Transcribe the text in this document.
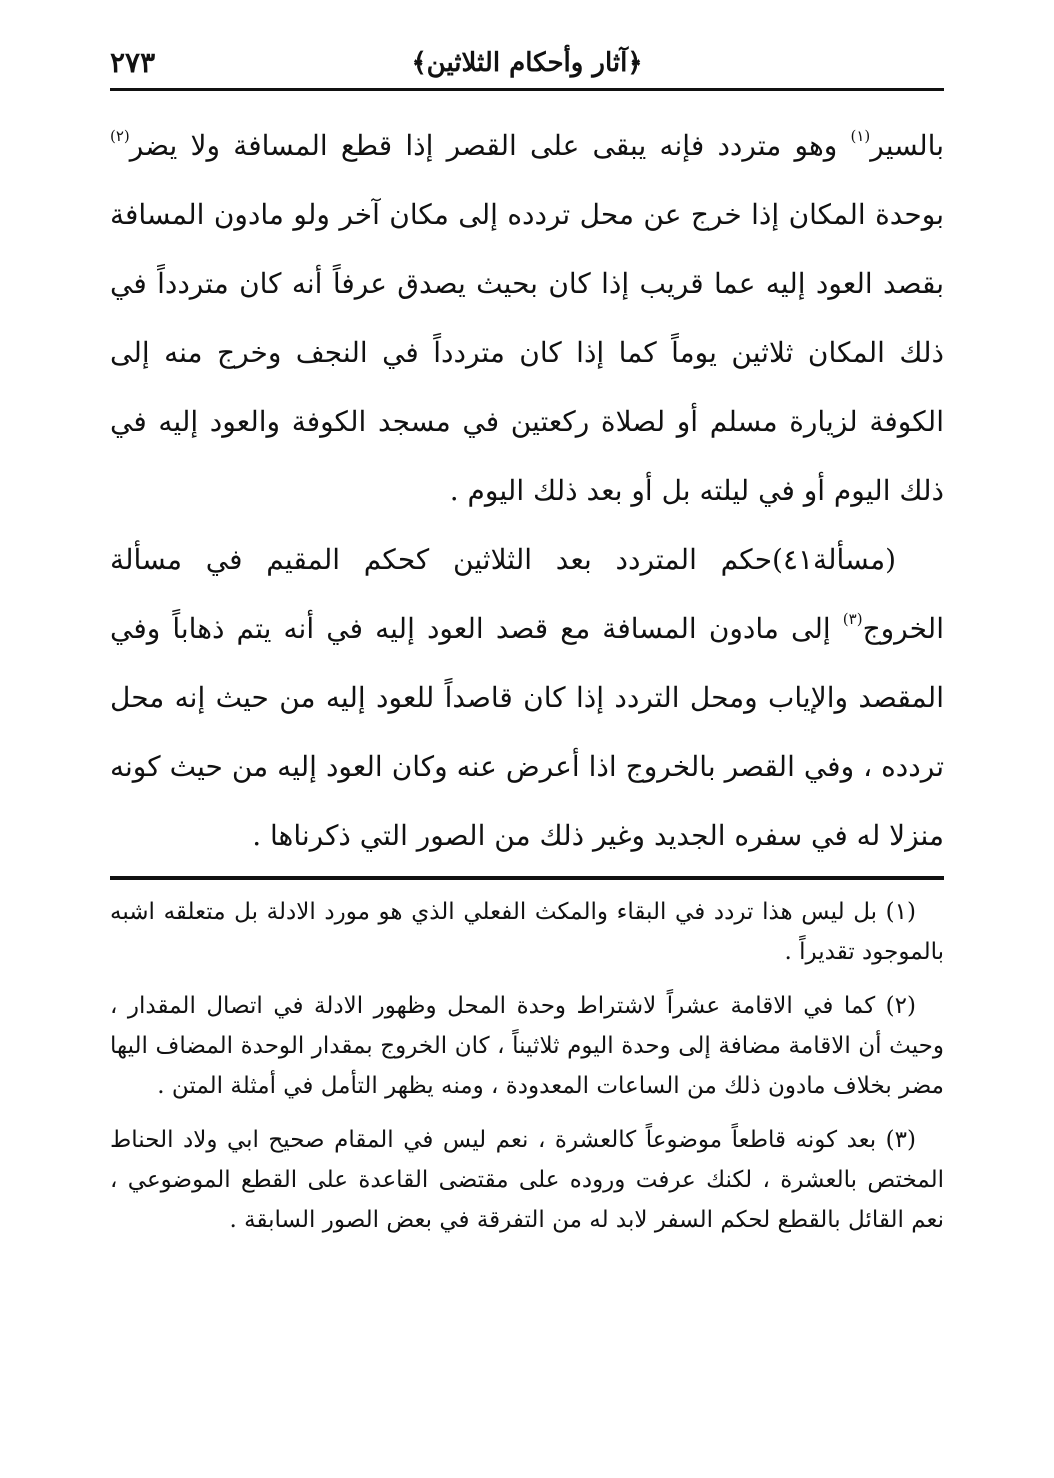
﴿آثار وأحكام الثلاثين﴾
٢٧٣

بالسير$^{(١)}$ وهو متردد فإنه يبقى على القصر إذا قطع المسافة ولا يضر$^{(٢)}$ بوحدة المكان إذا خرج عن محل تردده إلى مكان آخر ولو مادون المسافة بقصد العود إليه عما قريب إذا كان بحيث يصدق عرفاً أنه كان متردداً في ذلك المكان ثلاثين يوماً كما إذا كان متردداً في النجف وخرج منه إلى الكوفة لزيارة مسلم أو لصلاة ركعتين في مسجد الكوفة والعود إليه في ذلك اليوم أو في ليلته بل أو بعد ذلك اليوم .

(مسألة٤١)حكم المتردد بعد الثلاثين كحكم المقيم في مسألة الخروج$^{(٣)}$ إلى مادون المسافة مع قصد العود إليه في أنه يتم ذهاباً وفي المقصد والإياب ومحل التردد إذا كان قاصداً للعود إليه من حيث إنه محل تردده ، وفي القصر بالخروج اذا أعرض عنه وكان العود إليه من حيث كونه منزلا له في سفره الجديد وغير ذلك من الصور التي ذكرناها .

(١) بل ليس هذا تردد في البقاء والمكث الفعلي الذي هو مورد الادلة بل متعلقه اشبه بالموجود تقديراً .

(٢) كما في الاقامة عشراً لاشتراط وحدة المحل وظهور الادلة في اتصال المقدار ، وحيث أن الاقامة مضافة إلى وحدة اليوم ثلاثيناً ، كان الخروج بمقدار الوحدة المضاف اليها مضر بخلاف مادون ذلك من الساعات المعدودة ، ومنه يظهر التأمل في أمثلة المتن .

(٣) بعد كونه قاطعاً موضوعاً كالعشرة ، نعم ليس في المقام صحيح ابي ولاد الحناط المختص بالعشرة ، لكنك عرفت وروده على مقتضى القاعدة على القطع الموضوعي ، نعم القائل بالقطع لحكم السفر لابد له من التفرقة في بعض الصور السابقة .
